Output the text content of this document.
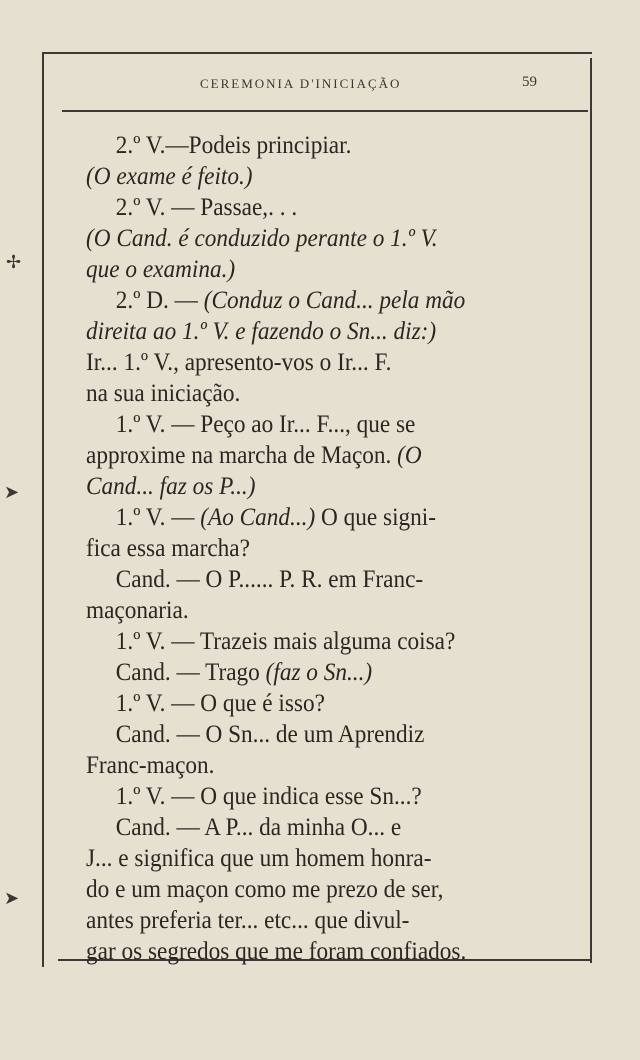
CEREMONIA D'INICIAÇÃO	59
✢
➤
➤
2.º V.—Podeis principiar.
(O exame é feito.)
2.º V. — Passae,. . .
(O Cand. é conduzido perante o 1.º V.
que o examina.)
2.º D. — (Conduz o Cand... pela mão
direita ao 1.º V. e fazendo o Sn... diz:)
Ir... 1.º V., apresento-vos o Ir... F.
na sua iniciação.
1.º V. — Peço ao Ir... F..., que se
approxime na marcha de Maçon. (O
Cand... faz os P...)
1.º V. — (Ao Cand...) O que signi-
fica essa marcha?
Cand. — O P...... P. R. em Franc-
maçonaria.
1.º V. — Trazeis mais alguma coisa?
Cand. — Trago (faz o Sn...)
1.º V. — O que é isso?
Cand. — O Sn... de um Aprendiz
Franc-maçon.
1.º V. — O que indica esse Sn...?
Cand. — A P... da minha O... e
J... e significa que um homem honra-
do e um maçon como me prezo de ser,
antes preferia ter... etc... que divul-
gar os segredos que me foram confiados.
